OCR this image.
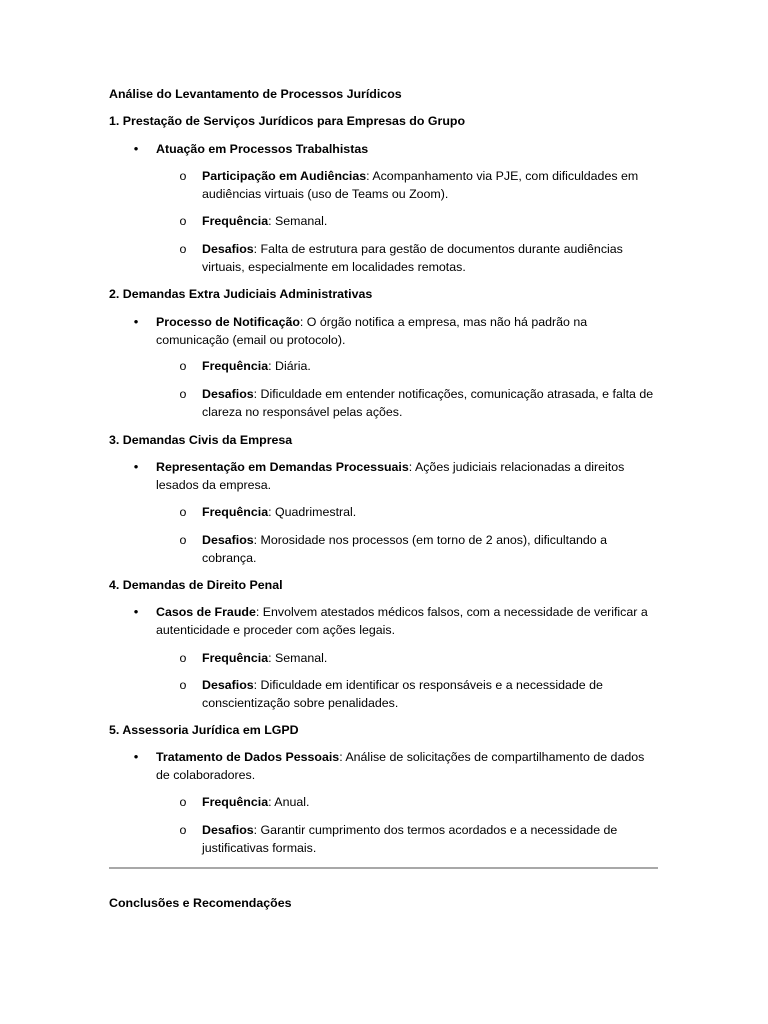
Análise do Levantamento de Processos Jurídicos
1. Prestação de Serviços Jurídicos para Empresas do Grupo
• Atuação em Processos Trabalhistas
o Participação em Audiências: Acompanhamento via PJE, com dificuldades em audiências virtuais (uso de Teams ou Zoom).
o Frequência: Semanal.
o Desafios: Falta de estrutura para gestão de documentos durante audiências virtuais, especialmente em localidades remotas.
2. Demandas Extra Judiciais Administrativas
• Processo de Notificação: O órgão notifica a empresa, mas não há padrão na comunicação (email ou protocolo).
o Frequência: Diária.
o Desafios: Dificuldade em entender notificações, comunicação atrasada, e falta de clareza no responsável pelas ações.
3. Demandas Civis da Empresa
• Representação em Demandas Processuais: Ações judiciais relacionadas a direitos lesados da empresa.
o Frequência: Quadrimestral.
o Desafios: Morosidade nos processos (em torno de 2 anos), dificultando a cobrança.
4. Demandas de Direito Penal
• Casos de Fraude: Envolvem atestados médicos falsos, com a necessidade de verificar a autenticidade e proceder com ações legais.
o Frequência: Semanal.
o Desafios: Dificuldade em identificar os responsáveis e a necessidade de conscientização sobre penalidades.
5. Assessoria Jurídica em LGPD
• Tratamento de Dados Pessoais: Análise de solicitações de compartilhamento de dados de colaboradores.
o Frequência: Anual.
o Desafios: Garantir cumprimento dos termos acordados e a necessidade de justificativas formais.
Conclusões e Recomendações
